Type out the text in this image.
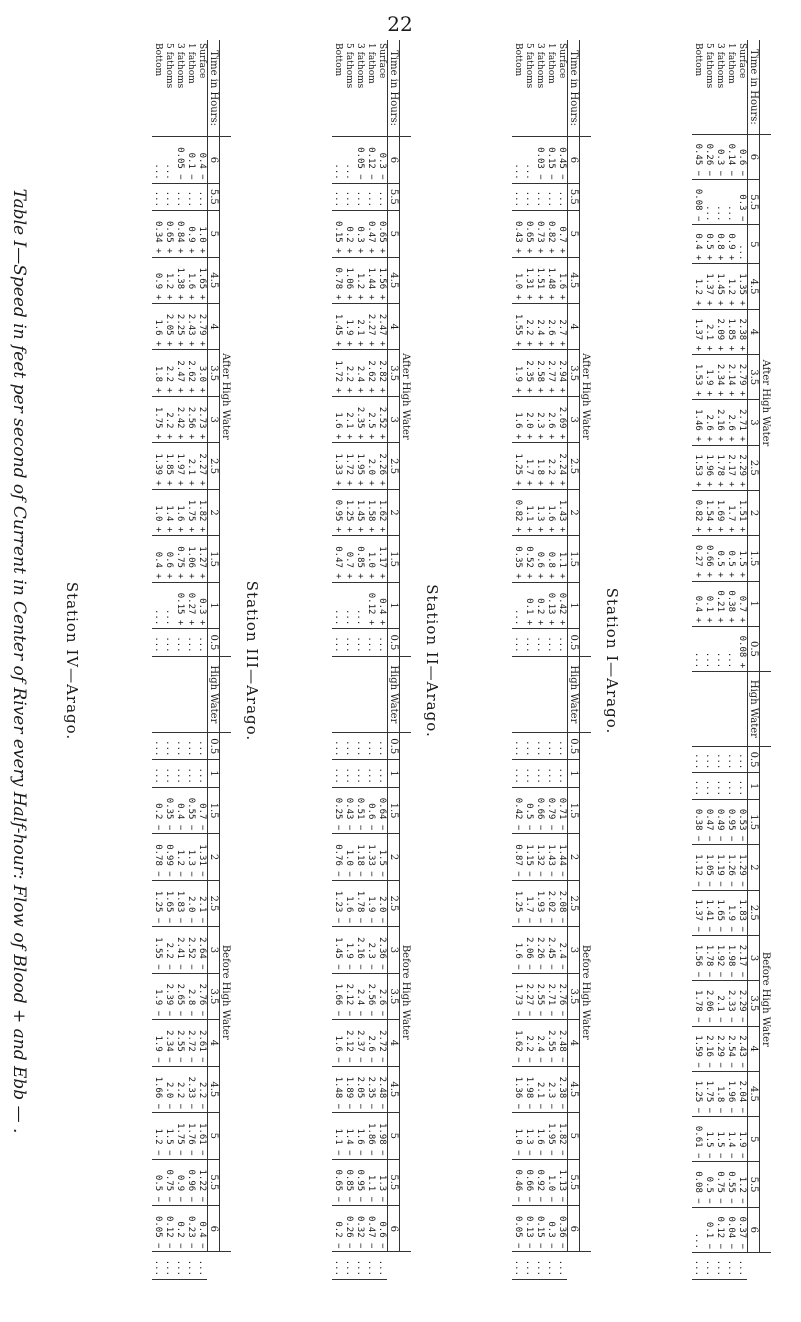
22
Table I—Speed in feet per second of Current in Center of River every Half-hour: Flow of Blood + and Ebb — .	Station I—Arago.
	After High Water													Before High Water												
Time in Hours:	6	5.5	5	4.5	4	3.5	3	2.5	2	1.5	1	0.5	High Water	0.5	1	1.5	2	2.5	3	3.5	4	4.5	5	5.5	6	
Surface	0.6 −	0.3 −	...	1.35 +	2.38 +	2.79 +	2.71 +	2.29 +	1.51 +	1.5 +	0.7 +	0.08 +		...	...	0.53 −	1.29 −	1.83 −	2.17 −	2.29 −	2.43 −	2.04 −	1.9 −	1.2 −	0.37 −	...
1 fathom	0.14 −	...	0.9 +	1.2 +	1.85 +	2.14 +	2.6 +	2.17 +	1.7 +	0.5 +	0.38 +	...		...	...	0.95 −	1.26 −	1.9 −	1.98 −	2.33 −	2.54 −	1.96 −	1.4 −	0.55 −	0.04 −	...
3 fathoms	0.3 −	...	0.8 +	1.45 +	2.09 +	2.34 +	2.16 +	1.78 +	1.69 +	0.5 +	0.21 +	...		...	...	0.49 −	1.19 −	1.65 −	1.92 −	2.1 −	2.29 −	1.8 −	1.5 −	0.75 −	0.12 −	...
5 fathoms	0.26 −	...	0.5 +	1.37 +	2.1 +	1.9 +	2.6 +	1.96 +	1.54 +	0.66 +	0.1 +	...		...	...	0.47 −	1.05 −	1.41 −	1.78 −	2.06 −	2.16 −	1.75 −	1.5 −	0.5 −	0.1 −	...
Bottom	0.45 −	0.08 −	0.4 +	1.2 +	1.37 +	1.53 +	1.46 +	1.53 +	0.82 +	0.27 +	0.4 +	...		...	...	0.38 −	1.12 −	1.37 −	1.56 −	1.78 −	1.59 −	1.25 −	0.61 −	0.08 −	...	...
Station II—Arago.
	After High Water													Before High Water												
Time in Hours:	6	5.5	5	4.5	4	3.5	3	2.5	2	1.5	1	0.5	High Water	0.5	1	1.5	2	2.5	3	3.5	4	4.5	5	5.5	6	
Surface	0.45 −	...	0.7 +	1.6 +	2.7 +	2.94 +	2.69 +	2.24 +	1.43 +	1.1 +	0.42 +	...		...	...	0.71 −	1.44 −	2.08 −	2.4 −	2.76 −	2.48 −	2.38 −	1.82 −	1.13 −	0.36 −	...
1 fathom	0.15 −	...	0.82 +	1.48 +	2.6 +	2.77 +	2.6 +	2.2 +	1.6 +	0.8 +	0.13 +	...		...	...	0.79 −	1.43 −	2.02 −	2.45 −	2.71 −	2.55 −	2.3 −	1.95 −	1.0 −	0.3 −	...
3 fathoms	0.03 −	...	0.73 +	1.51 +	2.4 +	2.58 +	2.3 +	1.8 +	1.3 +	0.6 +	0.2 +	...		...	...	0.66 −	1.32 −	1.93 −	2.26 −	2.55 −	2.4 −	2.1 −	1.6 −	0.92 −	0.15 −	...
5 fathoms	...	...	0.65 +	1.31 +	2.2 +	2.35 +	2.0 +	1.7 +	1.1 +	0.52 +	0.1 +	...		...	...	0.5 −	1.15 −	1.7 −	2.06 −	2.27 −	2.2 −	1.98 −	1.3 −	0.66 −	0.13 −	...
Bottom	...	...	0.43 +	1.0 +	1.55 +	1.9 +	1.6 +	1.25 +	0.82 +	0.35 +	...	...		...	...	0.42 −	0.87 −	1.25 −	1.6 −	1.73 −	1.62 −	1.36 −	1.0 −	0.46 −	0.05 −	...
Station III—Arago.
	After High Water													Before High Water												
Time in Hours:	6	5.5	5	4.5	4	3.5	3	2.5	2	1.5	1	0.5	High Water	0.5	1	1.5	2	2.5	3	3.5	4	4.5	5	5.5	6	
Surface	0.3 −	...	0.65 +	1.56 +	2.47 +	2.82 +	2.52 +	2.26 +	1.62 +	1.17 +	0.4 +	...		...	...	0.64 −	1.5 −	2.0 −	2.36 −	2.6 −	2.72 −	2.48 −	1.98 −	1.3 −	0.6 −	...
1 fathom	0.12 −	...	0.47 +	1.44 +	2.27 +	2.62 +	2.5 +	2.0 +	1.58 +	1.0 +	0.12 +	...		...	...	0.6 −	1.33 −	1.9 −	2.3 −	2.56 −	2.6 −	2.35 −	1.86 −	1.1 −	0.47 −	...
3 fathoms	0.05 −	...	0.3 +	1.2 +	2.1 +	2.4 +	2.35 +	1.95 +	1.45 +	0.85 +	...	...		...	...	0.51 −	1.18 −	1.78 −	2.16 −	2.4 −	2.37 −	2.05 −	1.6 −	0.95 −	0.32 −	...
5 fathoms	...	...	0.2 +	1.06 +	1.9 +	2.2 +	2.1 +	1.72 +	1.25 +	0.7 +	...	...		...	...	0.43 −	1.0 −	1.6 −	1.9 −	2.12 −	2.12 −	1.89 −	1.4 −	0.85 −	0.26 −	...
Bottom	...	...	0.15 +	0.78 +	1.45 +	1.72 +	1.6 +	1.33 +	0.95 +	0.47 +	...	...		...	...	0.25 −	0.76 −	1.23 −	1.45 −	1.66 −	1.6 −	1.48 −	1.1 −	0.65 −	0.2 −	...
Station IV—Arago.
	After High Water													Before High Water												
Time in Hours:	6	5.5	5	4.5	4	3.5	3	2.5	2	1.5	1	0.5	High Water	0.5	1	1.5	2	2.5	3	3.5	4	4.5	5	5.5	6	
Surface	0.4 −	...	1.0 +	1.65 +	2.79 +	3.0 +	2.73 +	2.27 +	1.82 +	1.27 +	0.3 +	...		...	...	0.7 −	1.31 −	2.1 −	2.64 −	2.76 −	2.61 −	2.2 −	1.61 −	1.22 −	0.4 −	...
1 fathom	0.1 −	...	0.9 +	1.6 +	2.43 +	2.62 +	2.56 +	2.1 +	1.75 +	1.06 +	0.27 +	...		...	...	0.55 −	1.3 −	2.0 −	2.52 −	2.8 −	2.72 −	2.33 −	1.76 −	0.96 −	0.23 −	...
3 fathoms	0.05 −	...	0.84 +	1.38 +	2.25 +	2.47 +	2.42 +	1.97 +	1.6 +	0.75 +	0.15 +	...		...	...	0.4 −	1.2 −	1.83 −	2.41 −	2.65 −	2.55 −	2.2 −	1.75 −	0.9 −	0.2 −	...
5 fathoms	...	...	0.65 +	1.2 +	2.05 +	2.2 +	2.2 +	1.85 +	1.4 +	0.6 +	...	...		...	...	0.35 −	0.99 −	1.65 −	2.2 −	2.39 −	2.34 −	2.0 −	1.5 −	0.75 −	0.12 −	...
Bottom	...	...	0.34 +	0.9 +	1.6 +	1.8 +	1.75 +	1.39 +	1.0 +	0.4 +	...	...		...	...	0.2 −	0.78 −	1.25 −	1.55 −	1.9 −	1.9 −	1.66 −	1.2 −	0.5 −	0.05 −	...
